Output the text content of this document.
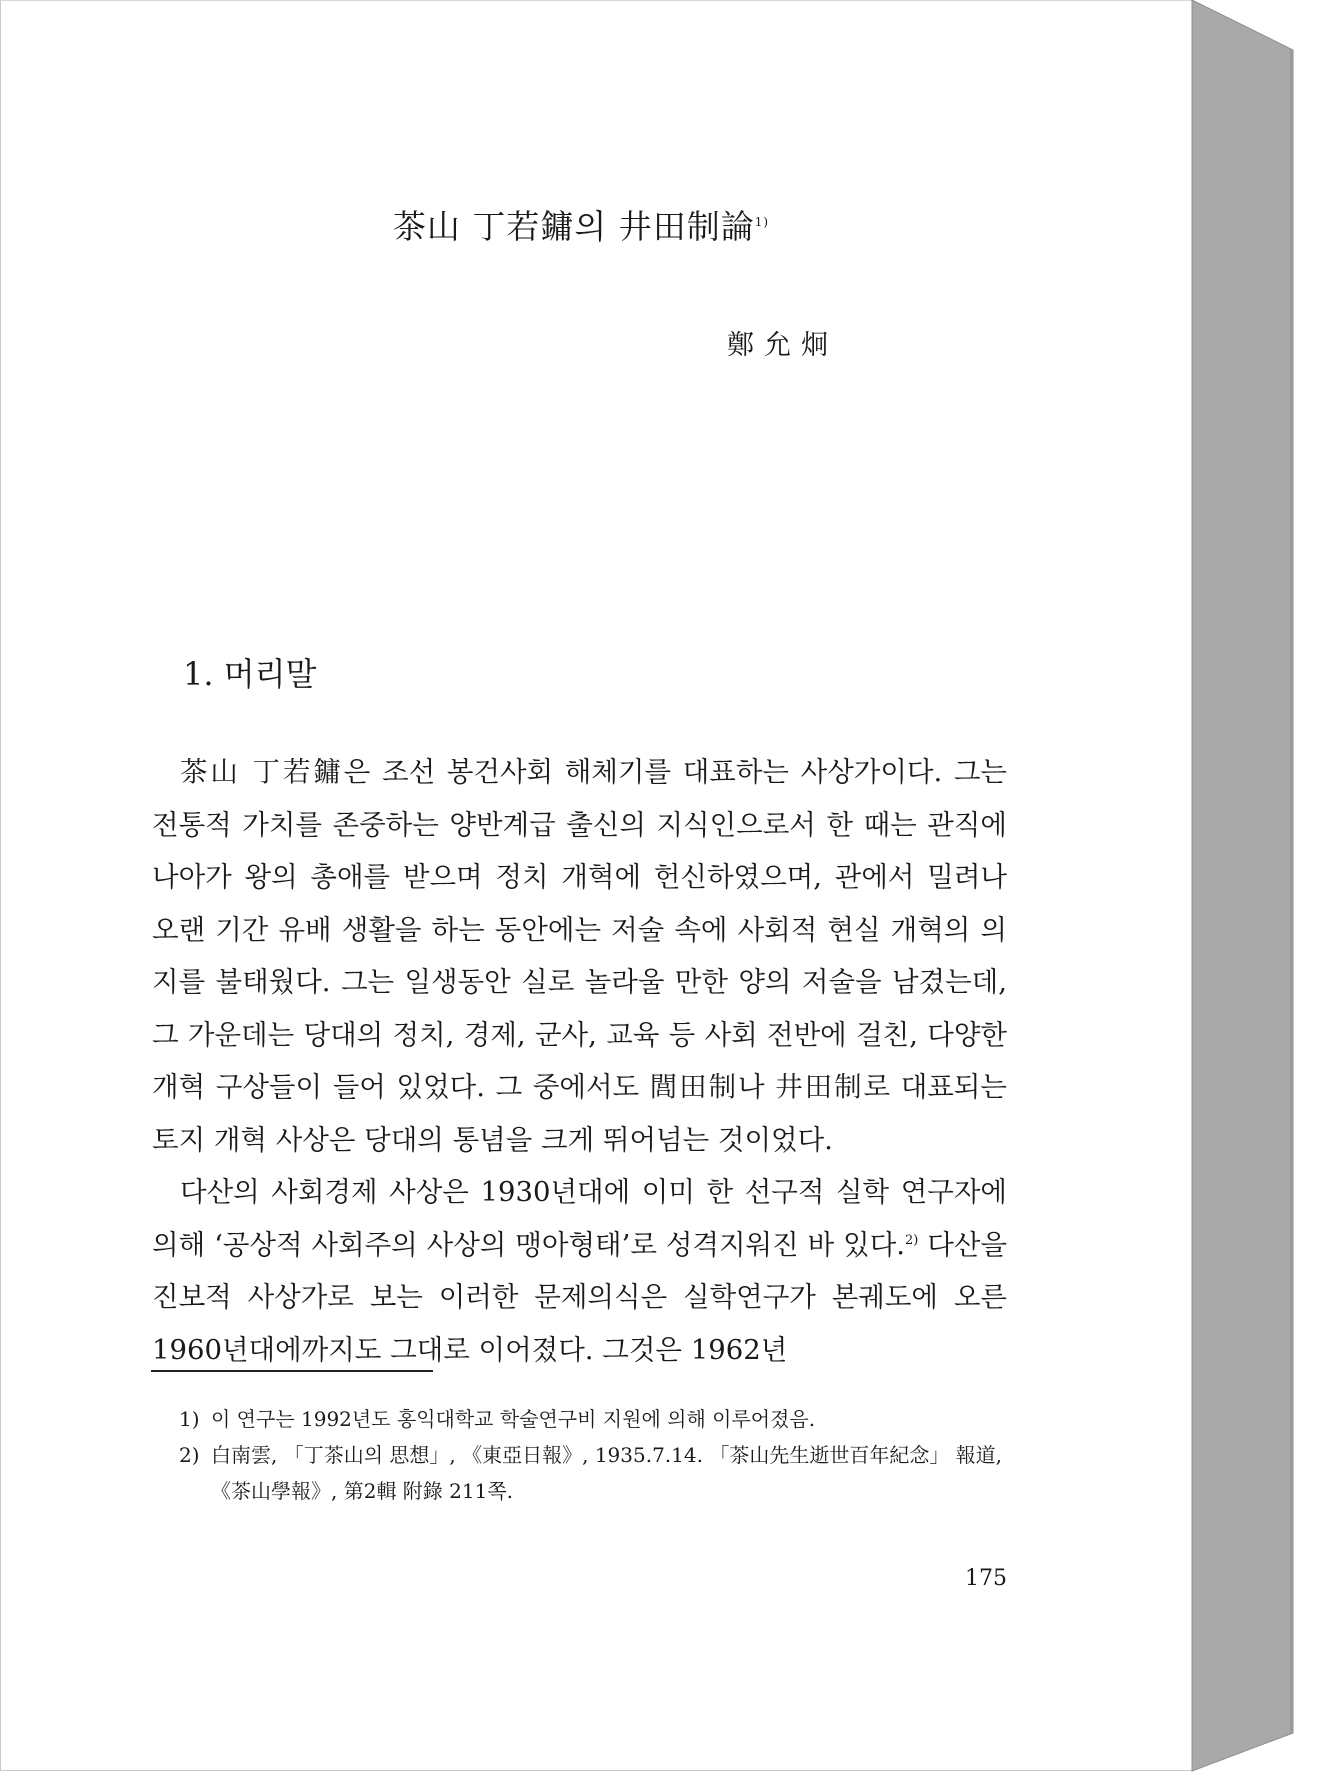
茶山 丁若鏞의 井田制論$^{1)}$
鄭允炯
1. 머리말

茶山 丁若鏞은 조선 봉건사회 해체기를 대표하는 사상가이다. 그는 전통적 가치를 존중하는 양반계급 출신의 지식인으로서 한 때는 관직에 나아가 왕의 총애를 받으며 정치 개혁에 헌신하였으며, 관에서 밀려나 오랜 기간 유배 생활을 하는 동안에는 저술 속에 사회적 현실 개혁의 의지를 불태웠다. 그는 일생동안 실로 놀라울 만한 양의 저술을 남겼는데, 그 가운데는 당대의 정치, 경제, 군사, 교육 등 사회 전반에 걸친, 다양한 개혁 구상들이 들어 있었다. 그 중에서도 閭田制나 井田制로 대표되는 토지 개혁 사상은 당대의 통념을 크게 뛰어넘는 것이었다.

다산의 사회경제 사상은 1930년대에 이미 한 선구적 실학 연구자에 의해 ‘공상적 사회주의 사상의 맹아형태’로 성격지워진 바 있다.$^{2)}$ 다산을 진보적 사상가로 보는 이러한 문제의식은 실학연구가 본궤도에 오른 1960년대에까지도 그대로 이어졌다. 그것은 1962년

1) 이 연구는 1992년도 홍익대학교 학술연구비 지원에 의해 이루어졌음.
2) 白南雲, 「丁茶山의 思想」, 《東亞日報》, 1935.7.14. 「茶山先生逝世百年紀念」 報道, 《茶山學報》, 第2輯 附錄 211쪽.
175
